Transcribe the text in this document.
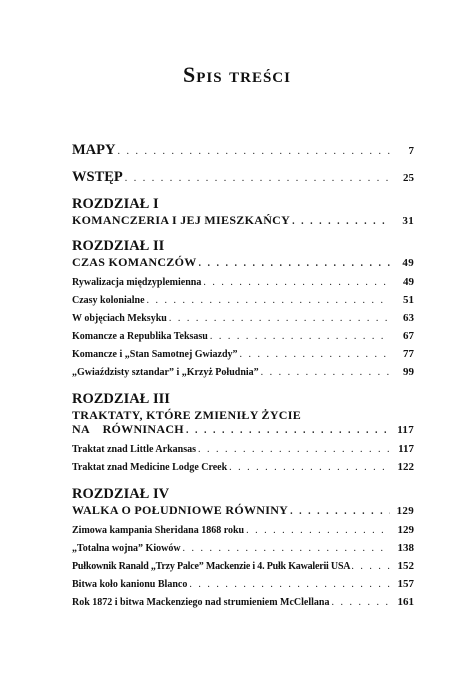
Spis treści
MAPY . . .	7
WSTĘP . . .	25
ROZDZIAŁ I
KOMANCZERIA I JEJ MIESZKAŃCY . . .	31
ROZDZIAŁ II
CZAS KOMANCZÓW . . .	49
Rywalizacja międzyplemienna . . .	49
Czasy kolonialne . . .	51
W objęciach Meksyku . . .	63
Komancze a Republika Teksasu . . .	67
Komancze i „Stan Samotnej Gwiazdy” . . .	77
„Gwiaździsty sztandar” i „Krzyż Południa” . . .	99
ROZDZIAŁ III
TRAKTATY, KTÓRE ZMIENIŁY ŻYCIE
NA RÓWNINACH . . .	117
Traktat znad Little Arkansas . . .	117
Traktat znad Medicine Lodge Creek . . .	122
ROZDZIAŁ IV
WALKA O POŁUDNIOWE RÓWNINY . . .	129
Zimowa kampania Sheridana 1868 roku . . .	129
„Totalna wojna” Kiowów . . .	138
Pułkownik Ranald „Trzy Palce” Mackenzie i 4. Pułk Kawalerii USA . . .	152
Bitwa koło kanionu Blanco . . .	157
Rok 1872 i bitwa Mackenziego nad strumieniem McClellana . . .	161
